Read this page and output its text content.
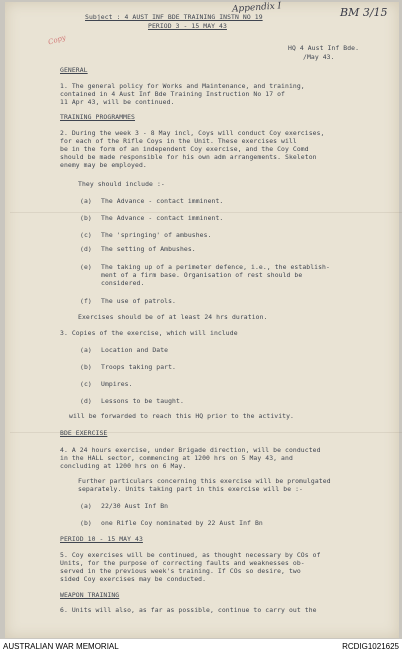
Appendix I	BM 3/15
Copy
Subject : 4 AUST INF BDE TRAINING INSTN NO 19
PERIOD 3 - 15 MAY 43
HQ 4 Aust Inf Bde.
/May 43.
GENERAL
1. The general policy for Works and Maintenance, and training,
contained in 4 Aust Inf Bde Training Instruction No 17 of
11 Apr 43, will be continued.
TRAINING PROGRAMMES
2. During the week 3 - 8 May incl, Coys will conduct Coy exercises,
for each of the Rifle Coys in the Unit. These exercises will
be in the form of an independent Coy exercise, and the Coy Comd
should be made responsible for his own adm arrangements. Skeleton
enemy may be employed.
They should include :-
(a) The Advance - contact imminent.
(b) The Advance - contact imminent.
(c) The 'springing' of ambushes.
(d) The setting of Ambushes.
(e) The taking up of a perimeter defence, i.e., the establish-
ment of a firm base. Organisation of rest should be
considered.
(f) The use of patrols.
Exercises should be of at least 24 hrs duration.
3. Copies of the exercise, which will include
(a) Location and Date
(b) Troops taking part.
(c) Umpires.
(d) Lessons to be taught.
will be forwarded to reach this HQ prior to the activity.
BDE EXERCISE
4. A 24 hours exercise, under Brigade direction, will be conducted
in the HALL sector, commencing at 1200 hrs on 5 May 43, and
concluding at 1200 hrs on 6 May.
Further particulars concerning this exercise will be promulgated
separately. Units taking part in this exercise will be :-
(a) 22/30 Aust Inf Bn
(b) one Rifle Coy nominated by 22 Aust Inf Bn
PERIOD 10 - 15 MAY 43
5. Coy exercises will be continued, as thought necessary by COs of
Units, for the purpose of correcting faults and weaknesses ob-
served in the previous week's training. If COs so desire, two
sided Coy exercises may be conducted.
WEAPON TRAINING
6. Units will also, as far as possible, continue to carry out the
AUSTRALIAN WAR MEMORIAL	RCDIG1021625
